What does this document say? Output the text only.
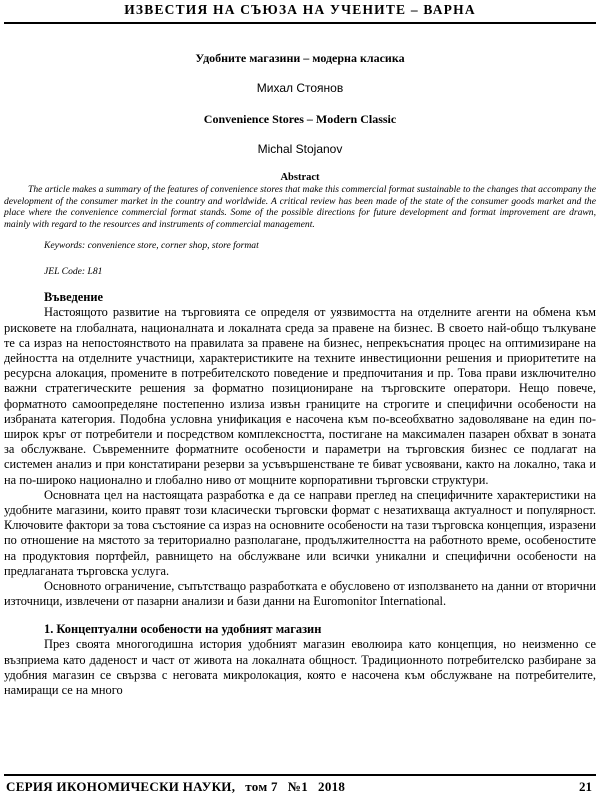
ИЗВЕСТИЯ НА СЪЮЗА НА УЧЕНИТЕ – ВАРНА
Удобните магазини – модерна класика
Михал Стоянов
Convenience Stores – Modern Classic
Michal Stojanov
Abstract

The article makes a summary of the features of convenience stores that make this commercial format sustainable to the changes that accompany the development of the consumer market in the country and worldwide. A critical review has been made of the state of the consumer goods market and the place where the convenience commercial format stands. Some of the possible directions for future development and format improvement are drawn, mainly with regard to the resources and instruments of commercial management.

Keywords: convenience store, corner shop, store format
JEL Code: L81
Въведение

Настоящото развитие на търговията се определя от уязвимостта на отделните агенти на обмена към рисковете на глобалната, националната и локалната среда за правене на бизнес. В своето най-общо тълкуване те са израз на непостоянството на правилата за правене на бизнес, непрекъснатия процес на оптимизиране на дейността на отделните участници, характеристиките на техните инвестиционни решения и приоритетите на ресурсна алокация, промените в потребителското поведение и предпочитания и пр. Това прави изключително важни стратегическите решения за форматно позициониране на търговските оператори. Нещо повече, форматното самоопределяне постепенно излиза извън границите на строгите и специфични особености на избраната категория. Подобна условна унификация е насочена към по-всеобхватно задоволяване на един по-широк кръг от потребители и посредством комплексността, постигане на максимален пазарен обхват в зоната за обслужване. Съвременните форматните особености и параметри на търговския бизнес се подлагат на системен анализ и при констатирани резерви за усъвършенстване те биват усвоявани, както на локално, така и на по-широко национално и глобално ниво от мощните корпоративни търговски структури.

Основната цел на настоящата разработка е да се направи преглед на специфичните характеристики на удобните магазини, които правят този класически търговски формат с незатихваща актуалност и популярност. Ключовите фактори за това състояние са израз на основните особености на тази търговска концепция, изразени по отношение на мястото за териториално разполагане, продължителността на работното време, особеностите на продуктовия портфейл, равнището на обслужване или всички уникални и специфични особености на предлаганата търговска услуга.

Основното ограничение, съпътстващо разработката е обусловено от използването на данни от вторични източници, извлечени от пазарни анализи и бази данни на Euromonitor International.

1. Концептуални особености на удобният магазин

През своята многогодишна история удобният магазин еволюира като концепция, но неизменно се възприема като даденост и част от живота на локалната общност. Традиционното потребителско разбиране за удобния магазин се свързва с неговата микролокация, която е насочена към обслужване на потребителите, намиращи се на много

СЕРИЯ ИКОНОМИЧЕСКИ НАУКИ, том 7 №1 2018	21
